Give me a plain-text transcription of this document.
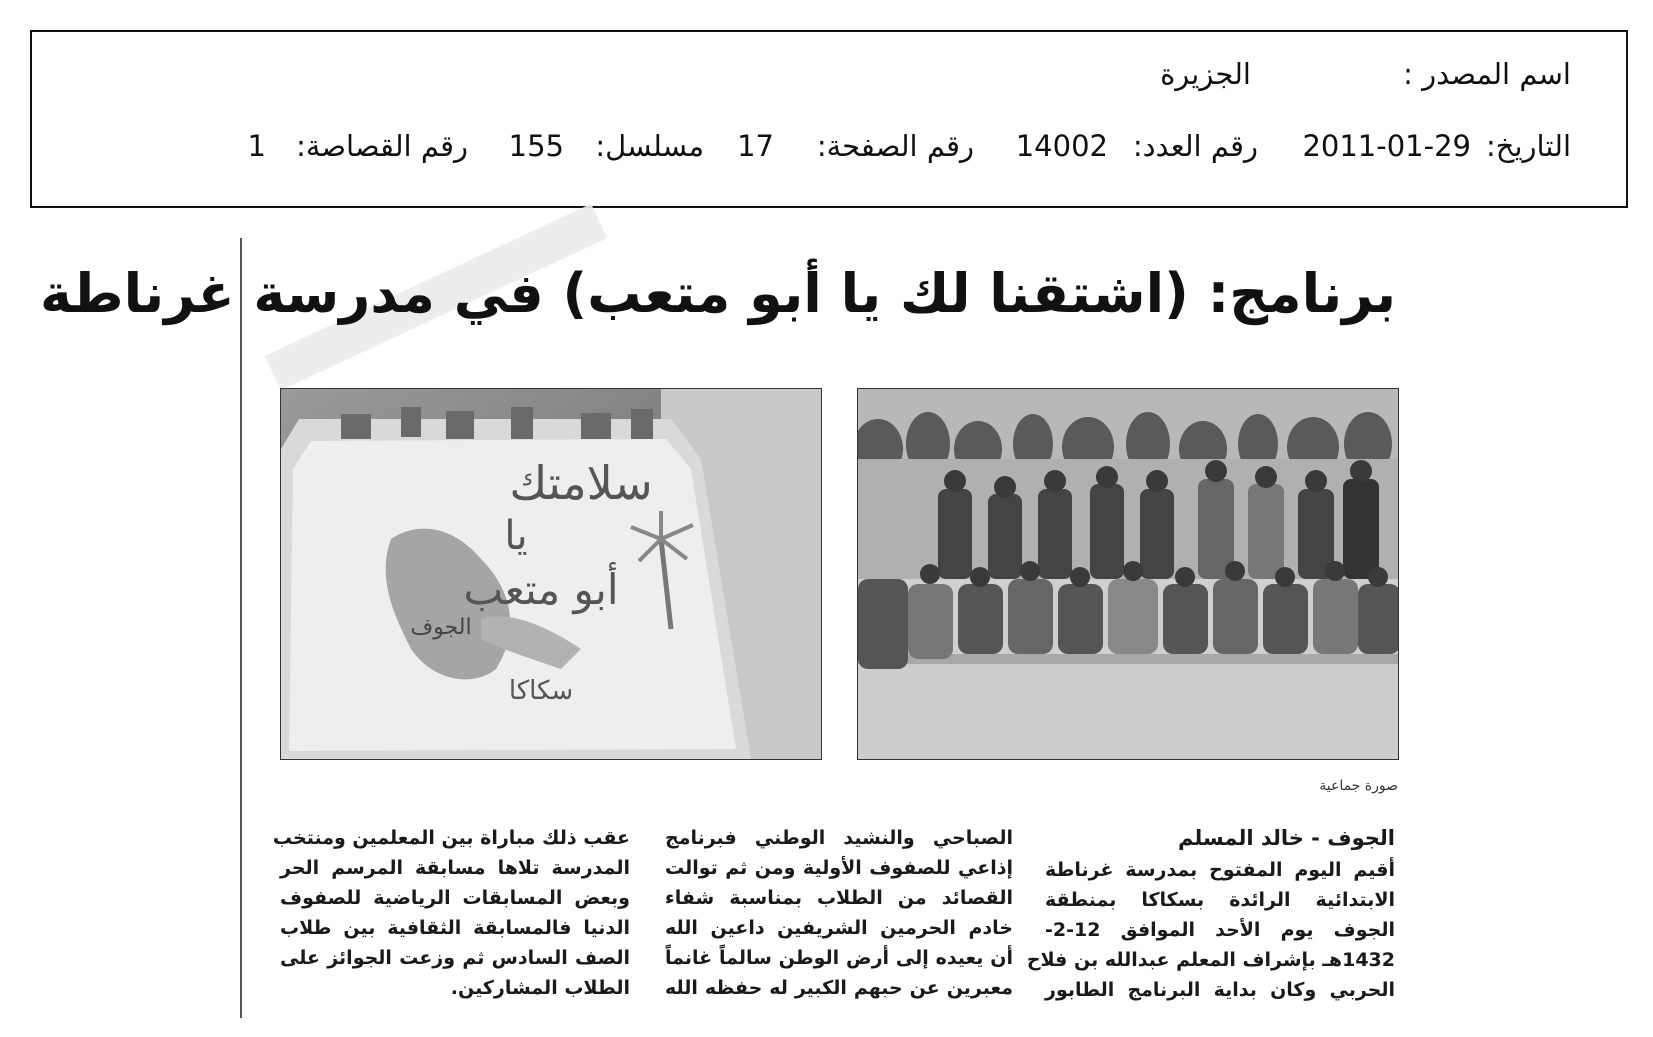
اسم المصدر :
الجزيرة
التاريخ:
2011-01-29
رقم العدد:
14002
رقم الصفحة:
17
مسلسل:
155
رقم القصاصة:
1
برنامج: (اشتقنا لك يا أبو متعب) في مدرسة غرناطة
سلامتك
يا
أبو متعب
الجوف
سكاكا
صورة جماعية
الجوف - خالد المسلم
أقيم اليوم المفتوح بمدرسة غرناطة
الابتدائية الرائدة بسكاكا بمنطقة
الجوف يوم الأحد الموافق 12-2-
1432هـ بإشراف المعلم عبدالله بن فلاح
الحربي وكان بداية البرنامج الطابور
الصباحي والنشيد الوطني فبرنامج
إذاعي للصفوف الأولية ومن ثم توالت
القصائد من الطلاب بمناسبة شفاء
خادم الحرمين الشريفين داعين الله
أن يعيده إلى أرض الوطن سالماً غانماً
معبرين عن حبهم الكبير له حفظه الله
عقب ذلك مباراة بين المعلمين ومنتخب
المدرسة تلاها مسابقة المرسم الحر
وبعض المسابقات الرياضية للصفوف
الدنيا فالمسابقة الثقافية بين طلاب
الصف السادس ثم وزعت الجوائز على
الطلاب المشاركين.
